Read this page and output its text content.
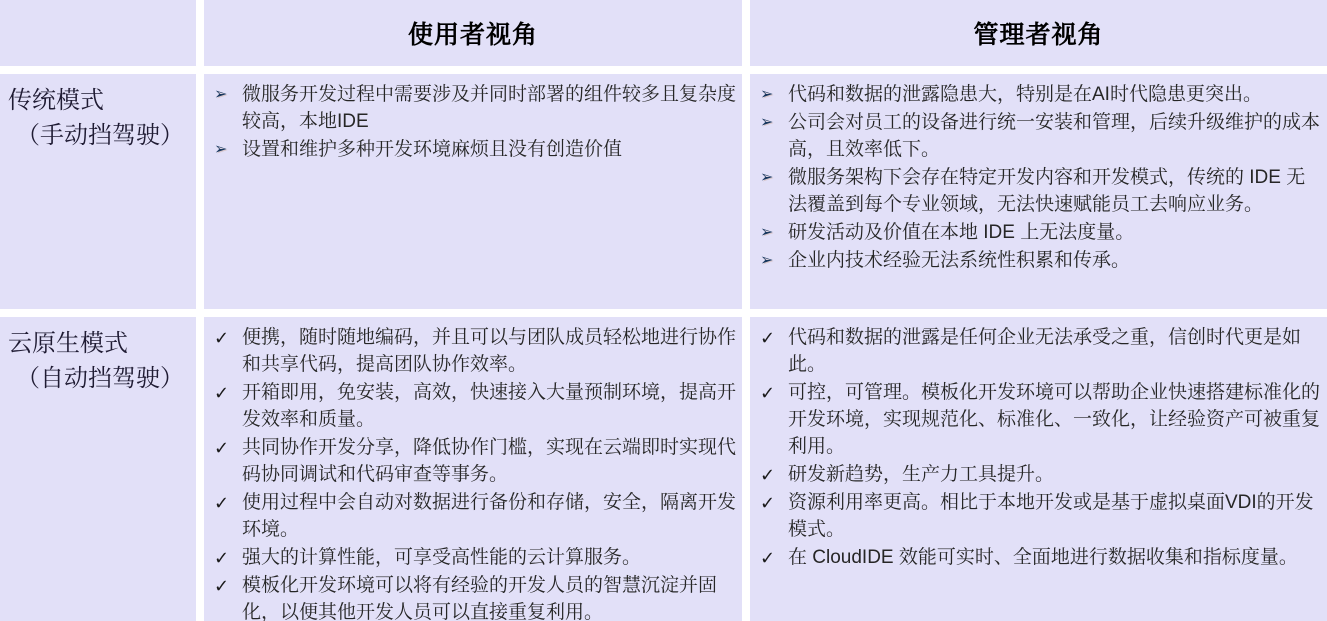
使用者视角	管理者视角
传统模式
（手动挡驾驶）
➢ 微服务开发过程中需要涉及并同时部署的组件较多且复杂度较高，本地IDE
➢ 设置和维护多种开发环境麻烦且没有创造价值
➢ 代码和数据的泄露隐患大，特别是在AI时代隐患更突出。
➢ 公司会对员工的设备进行统一安装和管理，后续升级维护的成本高，且效率低下。
➢ 微服务架构下会存在特定开发内容和开发模式，传统的 IDE 无法覆盖到每个专业领域，无法快速赋能员工去响应业务。
➢ 研发活动及价值在本地 IDE 上无法度量。
➢ 企业内技术经验无法系统性积累和传承。
云原生模式
（自动挡驾驶）
✓ 便携，随时随地编码，并且可以与团队成员轻松地进行协作和共享代码，提高团队协作效率。
✓ 开箱即用，免安装，高效，快速接入大量预制环境，提高开发效率和质量。
✓ 共同协作开发分享，降低协作门槛，实现在云端即时实现代码协同调试和代码审查等事务。
✓ 使用过程中会自动对数据进行备份和存储，安全，隔离开发环境。
✓ 强大的计算性能，可享受高性能的云计算服务。
✓ 模板化开发环境可以将有经验的开发人员的智慧沉淀并固化，以便其他开发人员可以直接重复利用。
✓ 代码和数据的泄露是任何企业无法承受之重，信创时代更是如此。
✓ 可控，可管理。模板化开发环境可以帮助企业快速搭建标准化的开发环境，实现规范化、标准化、一致化，让经验资产可被重复利用。
✓ 研发新趋势，生产力工具提升。
✓ 资源利用率更高。相比于本地开发或是基于虚拟桌面VDI的开发模式。
✓ 在 CloudIDE 效能可实时、全面地进行数据收集和指标度量。
